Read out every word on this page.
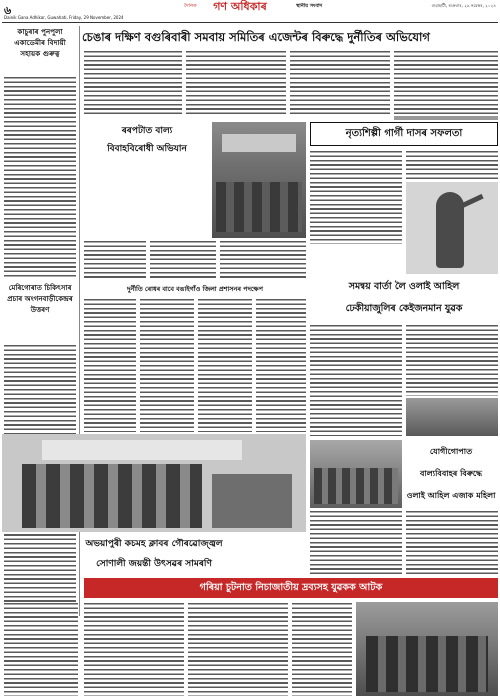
৬	দৈনিক	গণ অধিকাৰ	স্থানীয় সংবাদ
Dainik Gana Adhikar, Guwahati, Friday, 29 November, 2024
গুৱাহাটী, শুক্ৰবাৰ, ২৯ নৱেম্বৰ, ২০২৪
চেঙাৰ দক্ষিণ বগুৰিবাৰী সমবায় সমিতিৰ এজেন্টৰ বিৰুদ্ধে দুৰ্নীতিৰ অভিযোগ
কাচুৰাৰ পুনপুলা একাডেমীৰ বিদায়ী সহায়ক গুৰুত্ব
মেৰিগোৰাত চিকিৎসাৰ প্ৰচাৰ অংগনবাড়ীকেন্দ্ৰৰ উত্তৰণ
ৰৰপটাত বাল্য
বিবাহবিৰোধী অভিযান
নৃত্যশিল্পী গাৰ্গী দাসৰ সফলতা
দুৰ্নীতি ৰোধৰ বাবে বঙাইগাঁও জিলা প্ৰশাসনৰ পদক্ষেপ	সমন্বয় বাৰ্তা লৈ ওলাই আহিল
ঢেকীয়াজুলিৰ কেইজনমান যুৱক
অভয়াপুৰী কচমহ ক্লাবৰ গৌৰৱোজ্জ্বল
সোণালী জয়ন্তী উৎসৱৰ সামৰণি
যোগীগোপাত
বাল্যবিবাহৰ বিৰুদ্ধে
ওলাই আহিল এজাক মহিলা
গৰিয়া চুটনাত নিচাজাতীয় দ্ৰব্যসহ যুৱকক আটক
